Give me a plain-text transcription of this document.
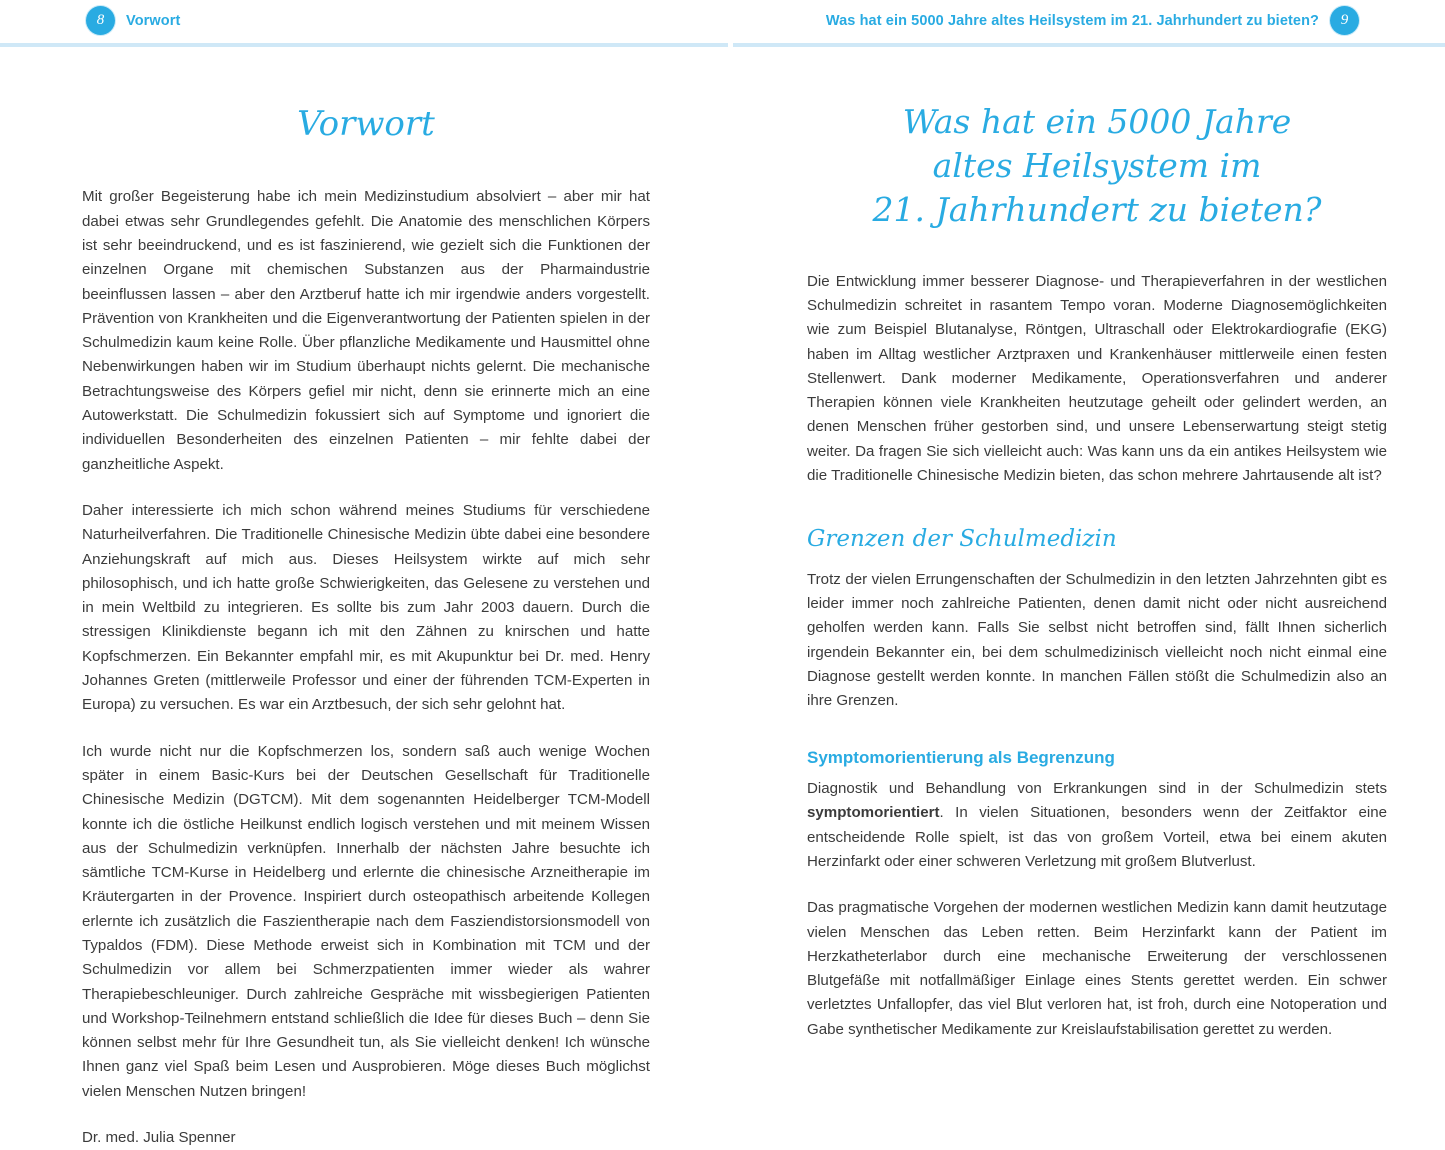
8	Vorwort	Was hat ein 5000 Jahre altes Heilsystem im 21. Jahrhundert zu bieten?	9
Vorwort

Mit großer Begeisterung habe ich mein Medizinstudium absolviert – aber mir hat dabei etwas sehr Grundlegendes gefehlt. Die Anatomie des menschlichen Körpers ist sehr beeindruckend, und es ist faszinierend, wie gezielt sich die Funktionen der einzelnen Organe mit chemischen Substanzen aus der Pharmaindustrie beeinflussen lassen – aber den Arztberuf hatte ich mir irgendwie anders vorgestellt. Prävention von Krankheiten und die Eigenverantwortung der Patienten spielen in der Schulmedizin kaum keine Rolle. Über pflanzliche Medikamente und Hausmittel ohne Nebenwirkungen haben wir im Studium überhaupt nichts gelernt. Die mechanische Betrachtungsweise des Körpers gefiel mir nicht, denn sie erinnerte mich an eine Autowerkstatt. Die Schulmedizin fokussiert sich auf Symptome und ignoriert die individuellen Besonderheiten des einzelnen Patienten – mir fehlte dabei der ganzheitliche Aspekt.

Daher interessierte ich mich schon während meines Studiums für verschiedene Naturheilverfahren. Die Traditionelle Chinesische Medizin übte dabei eine besondere Anziehungskraft auf mich aus. Dieses Heilsystem wirkte auf mich sehr philosophisch, und ich hatte große Schwierigkeiten, das Gelesene zu verstehen und in mein Weltbild zu integrieren. Es sollte bis zum Jahr 2003 dauern. Durch die stressigen Klinikdienste begann ich mit den Zähnen zu knirschen und hatte Kopfschmerzen. Ein Bekannter empfahl mir, es mit Akupunktur bei Dr. med. Henry Johannes Greten (mittlerweile Professor und einer der führenden TCM-Experten in Europa) zu versuchen. Es war ein Arztbesuch, der sich sehr gelohnt hat.

Ich wurde nicht nur die Kopfschmerzen los, sondern saß auch wenige Wochen später in einem Basic-Kurs bei der Deutschen Gesellschaft für Traditionelle Chinesische Medizin (DGTCM). Mit dem sogenannten Heidelberger TCM-Modell konnte ich die östliche Heilkunst endlich logisch verstehen und mit meinem Wissen aus der Schulmedizin verknüpfen. Innerhalb der nächsten Jahre besuchte ich sämtliche TCM-Kurse in Heidelberg und erlernte die chinesische Arzneitherapie im Kräutergarten in der Provence. Inspiriert durch osteopathisch arbeitende Kollegen erlernte ich zusätzlich die Faszientherapie nach dem Fasziendistorsionsmodell von Typaldos (FDM). Diese Methode erweist sich in Kombination mit TCM und der Schulmedizin vor allem bei Schmerzpatienten immer wieder als wahrer Therapiebeschleuniger. Durch zahlreiche Gespräche mit wissbegierigen Patienten und Workshop-Teilnehmern entstand schließlich die Idee für dieses Buch – denn Sie können selbst mehr für Ihre Gesundheit tun, als Sie vielleicht denken! Ich wünsche Ihnen ganz viel Spaß beim Lesen und Ausprobieren. Möge dieses Buch möglichst vielen Menschen Nutzen bringen!

Dr. med. Julia Spenner

Was hat ein 5000 Jahre
altes Heilsystem im
21. Jahrhundert zu bieten?

Die Entwicklung immer besserer Diagnose- und Therapieverfahren in der westlichen Schulmedizin schreitet in rasantem Tempo voran. Moderne Diagnosemöglichkeiten wie zum Beispiel Blutanalyse, Röntgen, Ultraschall oder Elektrokardiografie (EKG) haben im Alltag westlicher Arztpraxen und Krankenhäuser mittlerweile einen festen Stellenwert. Dank moderner Medikamente, Operationsverfahren und anderer Therapien können viele Krankheiten heutzutage geheilt oder gelindert werden, an denen Menschen früher gestorben sind, und unsere Lebenserwartung steigt stetig weiter. Da fragen Sie sich vielleicht auch: Was kann uns da ein antikes Heilsystem wie die Traditionelle Chinesische Medizin bieten, das schon mehrere Jahrtausende alt ist?

Grenzen der Schulmedizin

Trotz der vielen Errungenschaften der Schulmedizin in den letzten Jahrzehnten gibt es leider immer noch zahlreiche Patienten, denen damit nicht oder nicht ausreichend geholfen werden kann. Falls Sie selbst nicht betroffen sind, fällt Ihnen sicherlich irgendein Bekannter ein, bei dem schulmedizinisch vielleicht noch nicht einmal eine Diagnose gestellt werden konnte. In manchen Fällen stößt die Schulmedizin also an ihre Grenzen.

Symptomorientierung als Begrenzung

Diagnostik und Behandlung von Erkrankungen sind in der Schulmedizin stets symptomorientiert. In vielen Situationen, besonders wenn der Zeitfaktor eine entscheidende Rolle spielt, ist das von großem Vorteil, etwa bei einem akuten Herzinfarkt oder einer schweren Verletzung mit großem Blutverlust.

Das pragmatische Vorgehen der modernen westlichen Medizin kann damit heutzutage vielen Menschen das Leben retten. Beim Herzinfarkt kann der Patient im Herzkatheterlabor durch eine mechanische Erweiterung der verschlossenen Blutgefäße mit notfallmäßiger Einlage eines Stents gerettet werden. Ein schwer verletztes Unfallopfer, das viel Blut verloren hat, ist froh, durch eine Notoperation und Gabe synthetischer Medikamente zur Kreislaufstabilisation gerettet zu werden.
